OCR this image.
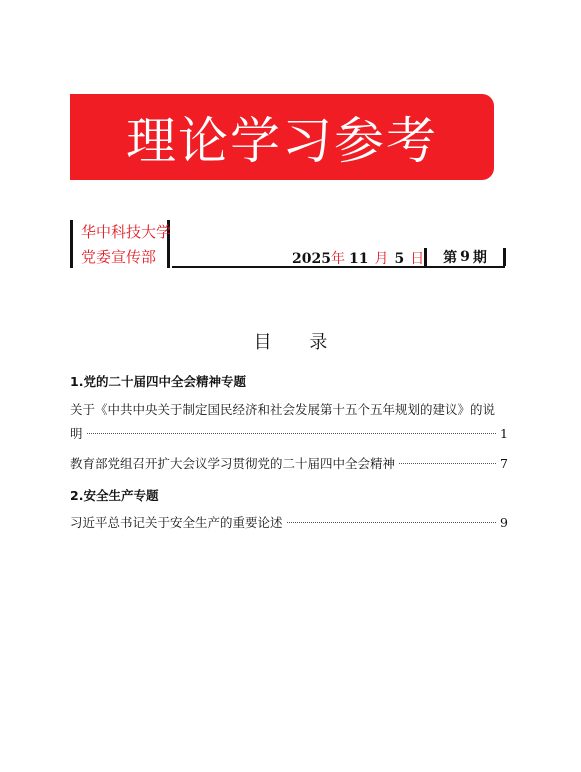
理论学习参考
华中科技大学
党委宣传部	2025 年 11 月 5 日 第 9 期
目 录
1.党的二十届四中全会精神专题
关于《中共中央关于制定国民经济和社会发展第十五个五年规划的建议》的说
明	1
教育部党组召开扩大会议学习贯彻党的二十届四中全会精神	7
2.安全生产专题
习近平总书记关于安全生产的重要论述	9
